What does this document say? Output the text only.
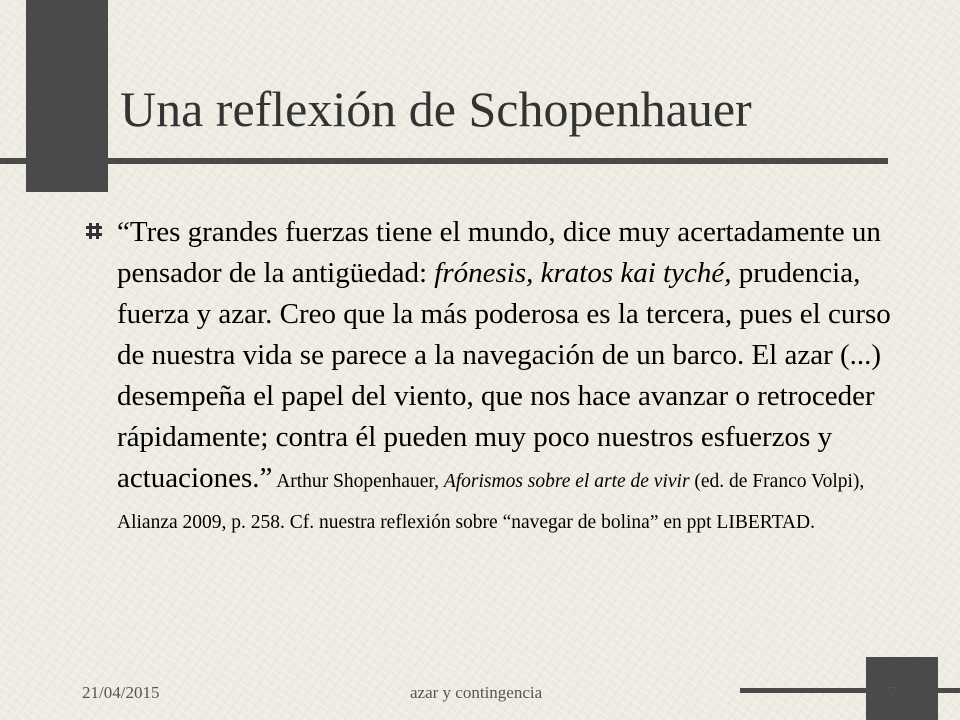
Una reflexión de Schopenhauer

“Tres grandes fuerzas tiene el mundo, dice muy acertadamente un pensador de la antigüedad: frónesis, kratos kai tyché, prudencia, fuerza y azar. Creo que la más poderosa es la tercera, pues el curso de nuestra vida se parece a la navegación de un barco. El azar (...) desempeña el papel del viento, que nos hace avanzar o retroceder rápidamente; contra él pueden muy poco nuestros esfuerzos y actuaciones.” Arthur Shopenhauer, Aforismos sobre el arte de vivir (ed. de Franco Volpi), Alianza 2009, p. 258. Cf. nuestra reflexión sobre “navegar de bolina” en ppt LIBERTAD.

21/04/2015	azar y contingencia	7
